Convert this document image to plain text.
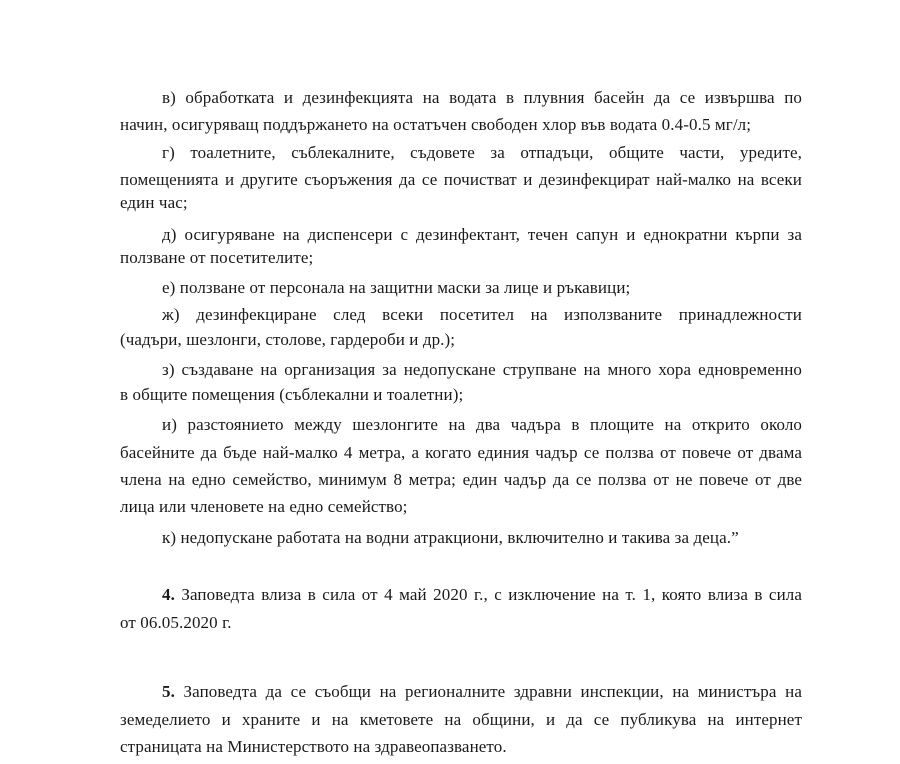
в) обработката и дезинфекцията на водата в плувния басейн да се извършва по
начин, осигуряващ поддържането на остатъчен свободен хлор във водата 0.4-0.5 мг/л;
г) тоалетните, съблекалните, съдовете за отпадъци, общите части, уредите,
помещенията и другите съоръжения да се почистват и дезинфекцират най-малко на всеки
един час;
д) осигуряване на диспенсери с дезинфектант, течен сапун и еднократни кърпи за
ползване от посетителите;
е) ползване от персонала на защитни маски за лице и ръкавици;
ж) дезинфекциране след всеки посетител на използваните принадлежности
(чадъри, шезлонги, столове, гардероби и др.);
з) създаване на организация за недопускане струпване на много хора едновременно
в общите помещения (съблекални и тоалетни);
и) разстоянието между шезлонгите на два чадъра в площите на открито около
басейните да бъде най-малко 4 метра, а когато единия чадър се ползва от повече от двама
члена на едно семейство, минимум 8 метра; един чадър да се ползва от не повече от две
лица или членовете на едно семейство;
к) недопускане работата на водни атракциони, включително и такива за деца.”
4. Заповедта влиза в сила от 4 май 2020 г., с изключение на т. 1, която влиза в сила
от 06.05.2020 г.
5. Заповедта да се съобщи на регионалните здравни инспекции, на министъра на
земеделието и храните и на кметовете на общини, и да се публикува на интернет
страницата на Министерството на здравеопазването.
